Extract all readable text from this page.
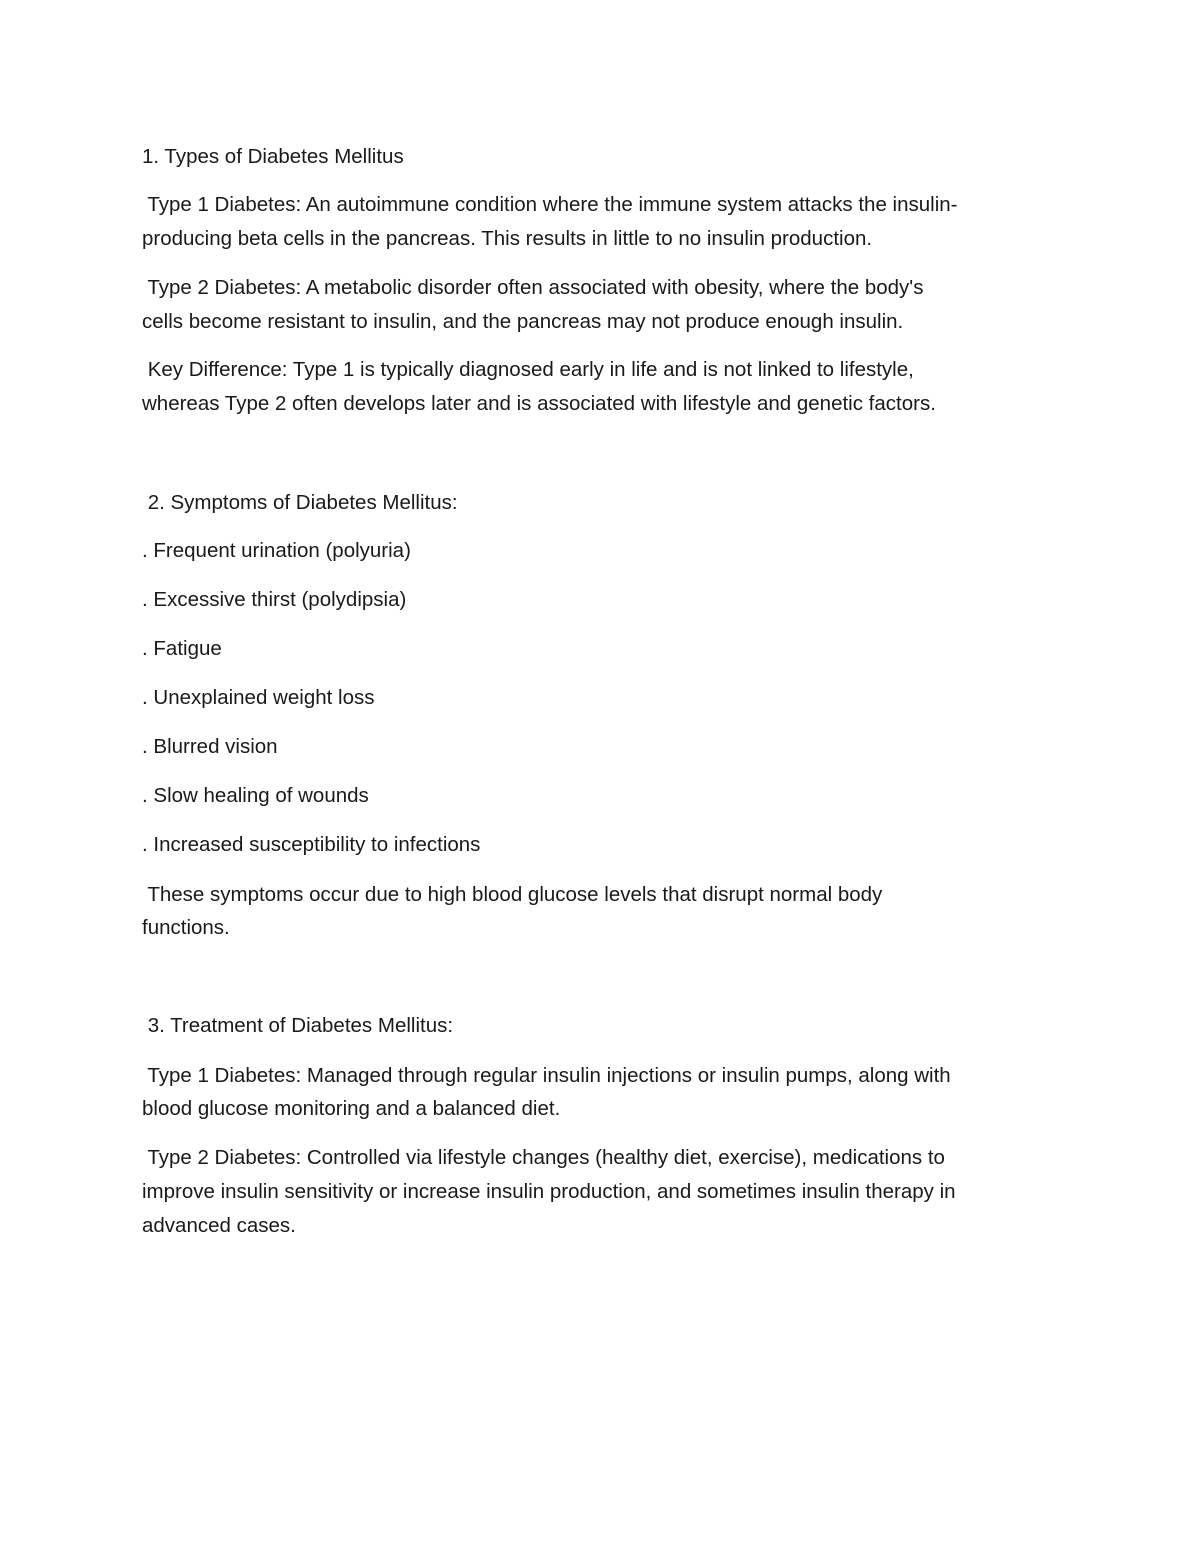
1. Types of Diabetes Mellitus
Type 1 Diabetes: An autoimmune condition where the immune system attacks the insulin-
producing beta cells in the pancreas. This results in little to no insulin production.
Type 2 Diabetes: A metabolic disorder often associated with obesity, where the body's
cells become resistant to insulin, and the pancreas may not produce enough insulin.
Key Difference: Type 1 is typically diagnosed early in life and is not linked to lifestyle,
whereas Type 2 often develops later and is associated with lifestyle and genetic factors.
2. Symptoms of Diabetes Mellitus:
. Frequent urination (polyuria)
. Excessive thirst (polydipsia)
. Fatigue
. Unexplained weight loss
. Blurred vision
. Slow healing of wounds
. Increased susceptibility to infections
These symptoms occur due to high blood glucose levels that disrupt normal body
functions.
3. Treatment of Diabetes Mellitus:
Type 1 Diabetes: Managed through regular insulin injections or insulin pumps, along with
blood glucose monitoring and a balanced diet.
Type 2 Diabetes: Controlled via lifestyle changes (healthy diet, exercise), medications to
improve insulin sensitivity or increase insulin production, and sometimes insulin therapy in
advanced cases.
